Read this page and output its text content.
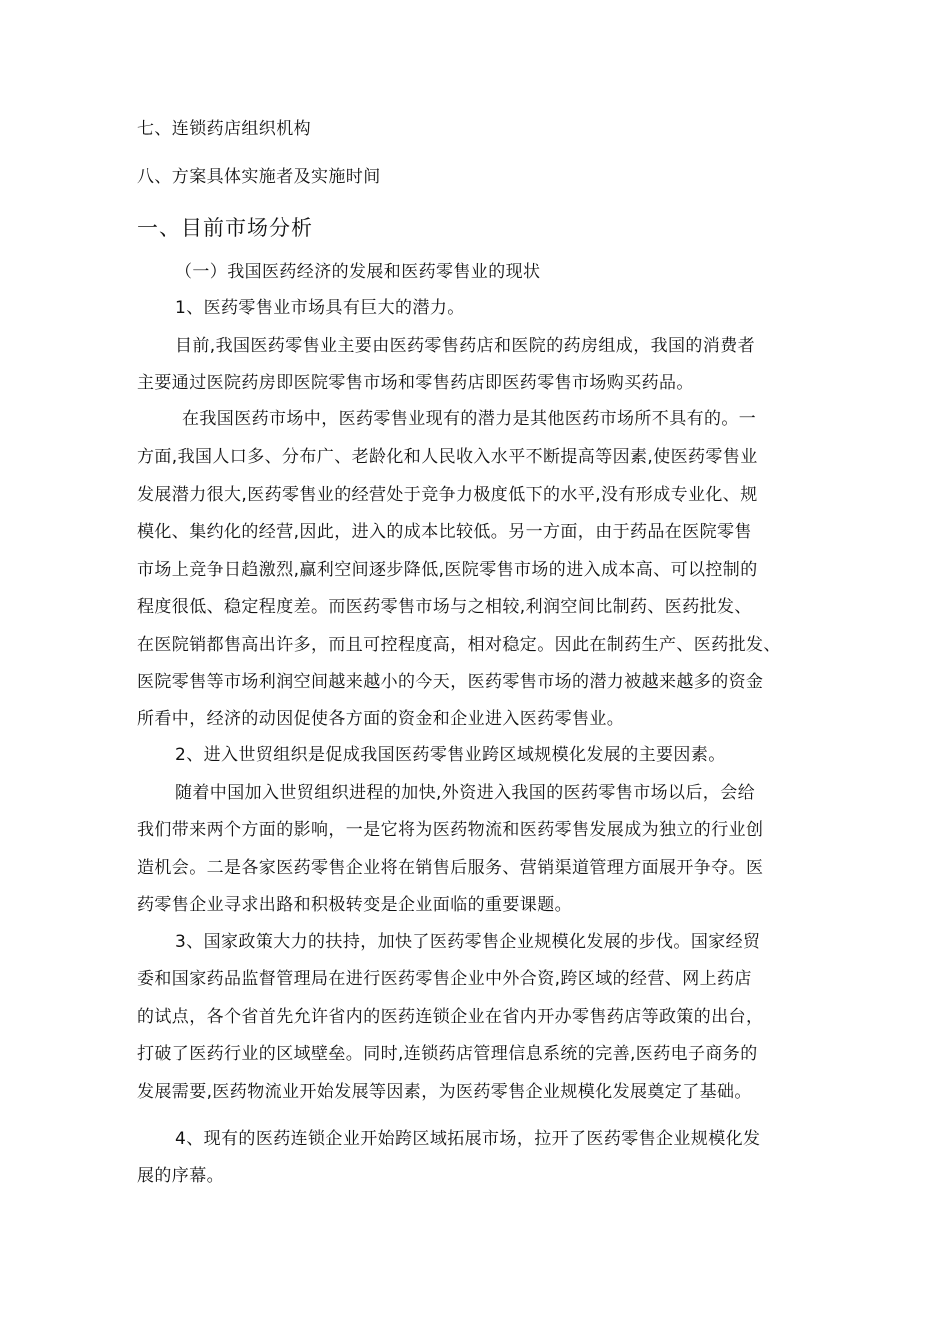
七、连锁药店组织机构
八、方案具体实施者及实施时间
一、目前市场分析
（一）我国医药经济的发展和医药零售业的现状
1、医药零售业市场具有巨大的潜力。
目前,我国医药零售业主要由医药零售药店和医院的药房组成，我国的消费者
主要通过医院药房即医院零售市场和零售药店即医药零售市场购买药品。
在我国医药市场中，医药零售业现有的潜力是其他医药市场所不具有的。一
方面,我国人口多、分布广、老龄化和人民收入水平不断提高等因素,使医药零售业
发展潜力很大,医药零售业的经营处于竞争力极度低下的水平,没有形成专业化、规
模化、集约化的经营,因此，进入的成本比较低。另一方面，由于药品在医院零售
市场上竞争日趋激烈,赢利空间逐步降低,医院零售市场的进入成本高、可以控制的
程度很低、稳定程度差。而医药零售市场与之相较,利润空间比制药、医药批发、
在医院销都售高出许多，而且可控程度高，相对稳定。因此在制药生产、医药批发、
医院零售等市场利润空间越来越小的今天，医药零售市场的潜力被越来越多的资金
所看中，经济的动因促使各方面的资金和企业进入医药零售业。
2、进入世贸组织是促成我国医药零售业跨区域规模化发展的主要因素。
随着中国加入世贸组织进程的加快,外资进入我国的医药零售市场以后，会给
我们带来两个方面的影响，一是它将为医药物流和医药零售发展成为独立的行业创
造机会。二是各家医药零售企业将在销售后服务、营销渠道管理方面展开争夺。医
药零售企业寻求出路和积极转变是企业面临的重要课题。
3、国家政策大力的扶持，加快了医药零售企业规模化发展的步伐。国家经贸
委和国家药品监督管理局在进行医药零售企业中外合资,跨区域的经营、网上药店
的试点，各个省首先允许省内的医药连锁企业在省内开办零售药店等政策的出台，
打破了医药行业的区域壁垒。同时,连锁药店管理信息系统的完善,医药电子商务的
发展需要,医药物流业开始发展等因素，为医药零售企业规模化发展奠定了基础。
4、现有的医药连锁企业开始跨区域拓展市场，拉开了医药零售企业规模化发
展的序幕。
